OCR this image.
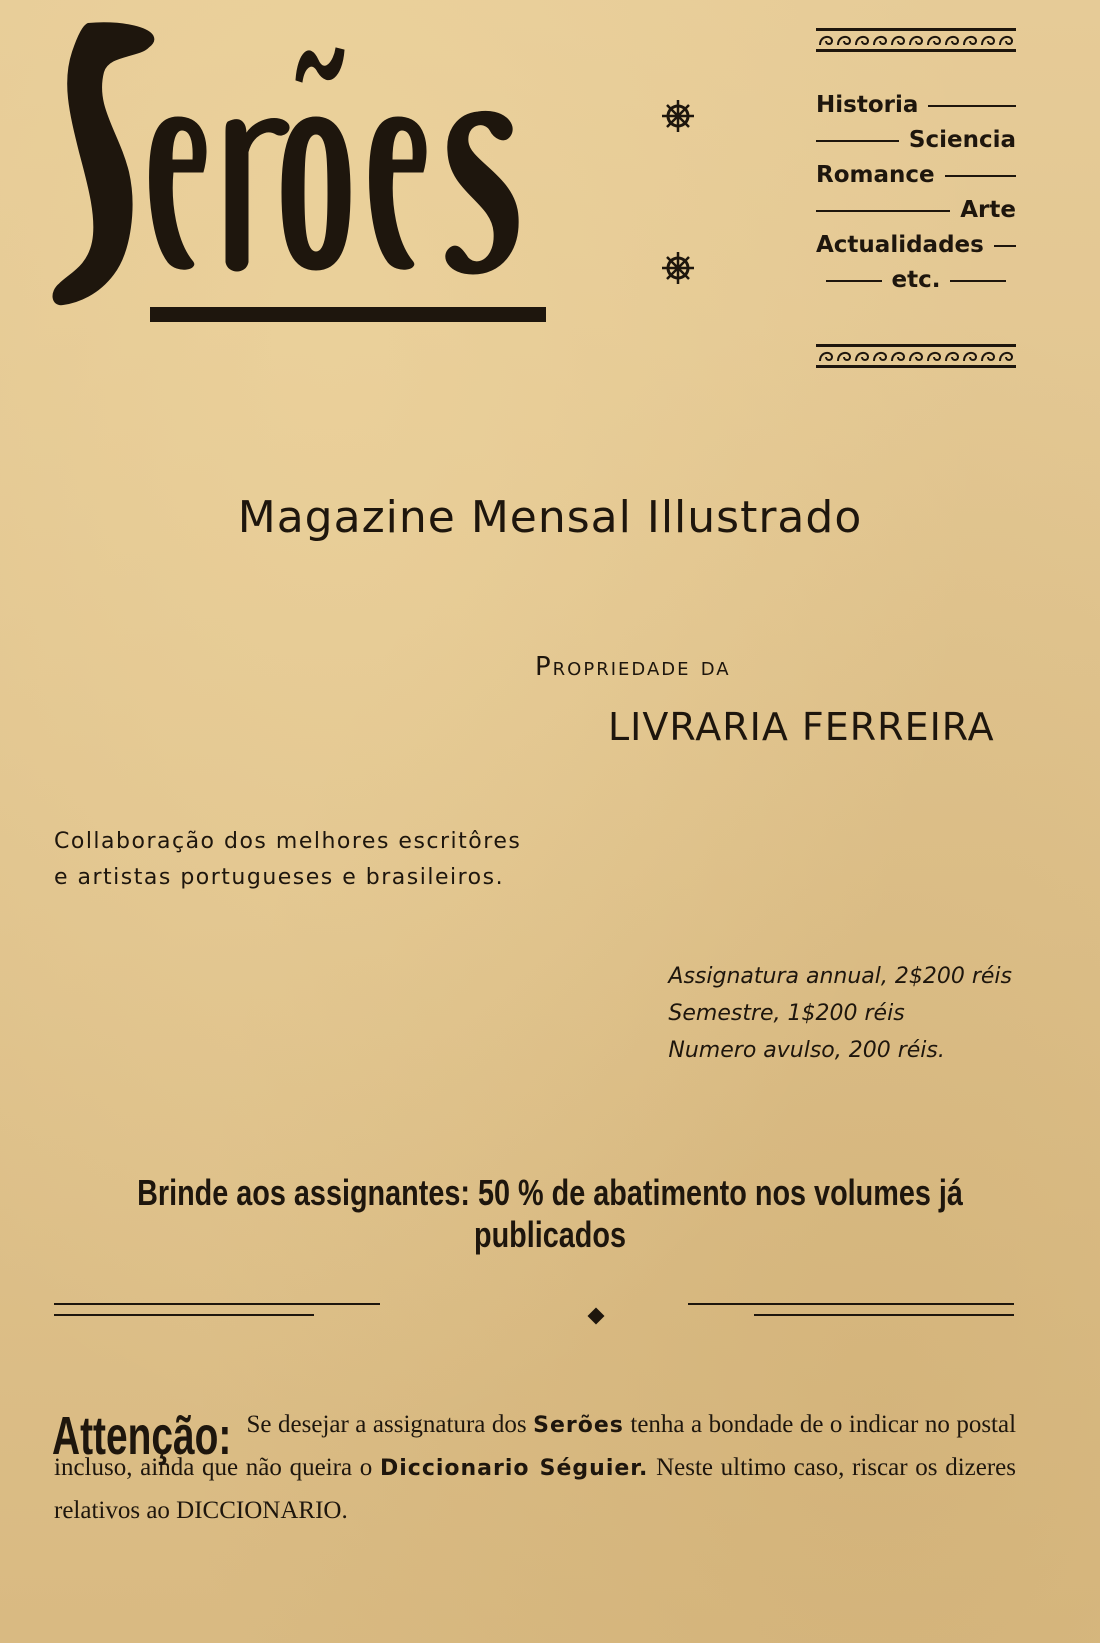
Historia
Sciencia
Romance
Arte
Actualidades
etc.
Magazine Mensal Illustrado
Propriedade da
LIVRARIA FERREIRA
Collaboração dos melhores escritôres
e artistas portugueses e brasileiros.
Assignatura annual, 2$200 réis
Semestre, 1$200 réis
Numero avulso, 200 réis.
Brinde aos assignantes: 50 % de abatimento nos volumes já publicados
Attenção: Se desejar a assignatura dos Serões tenha a bondade de o indicar no postal incluso, ainda que não queira o Diccionario Séguier. Neste ultimo caso, riscar os dizeres relativos ao DICCIONARIO.
